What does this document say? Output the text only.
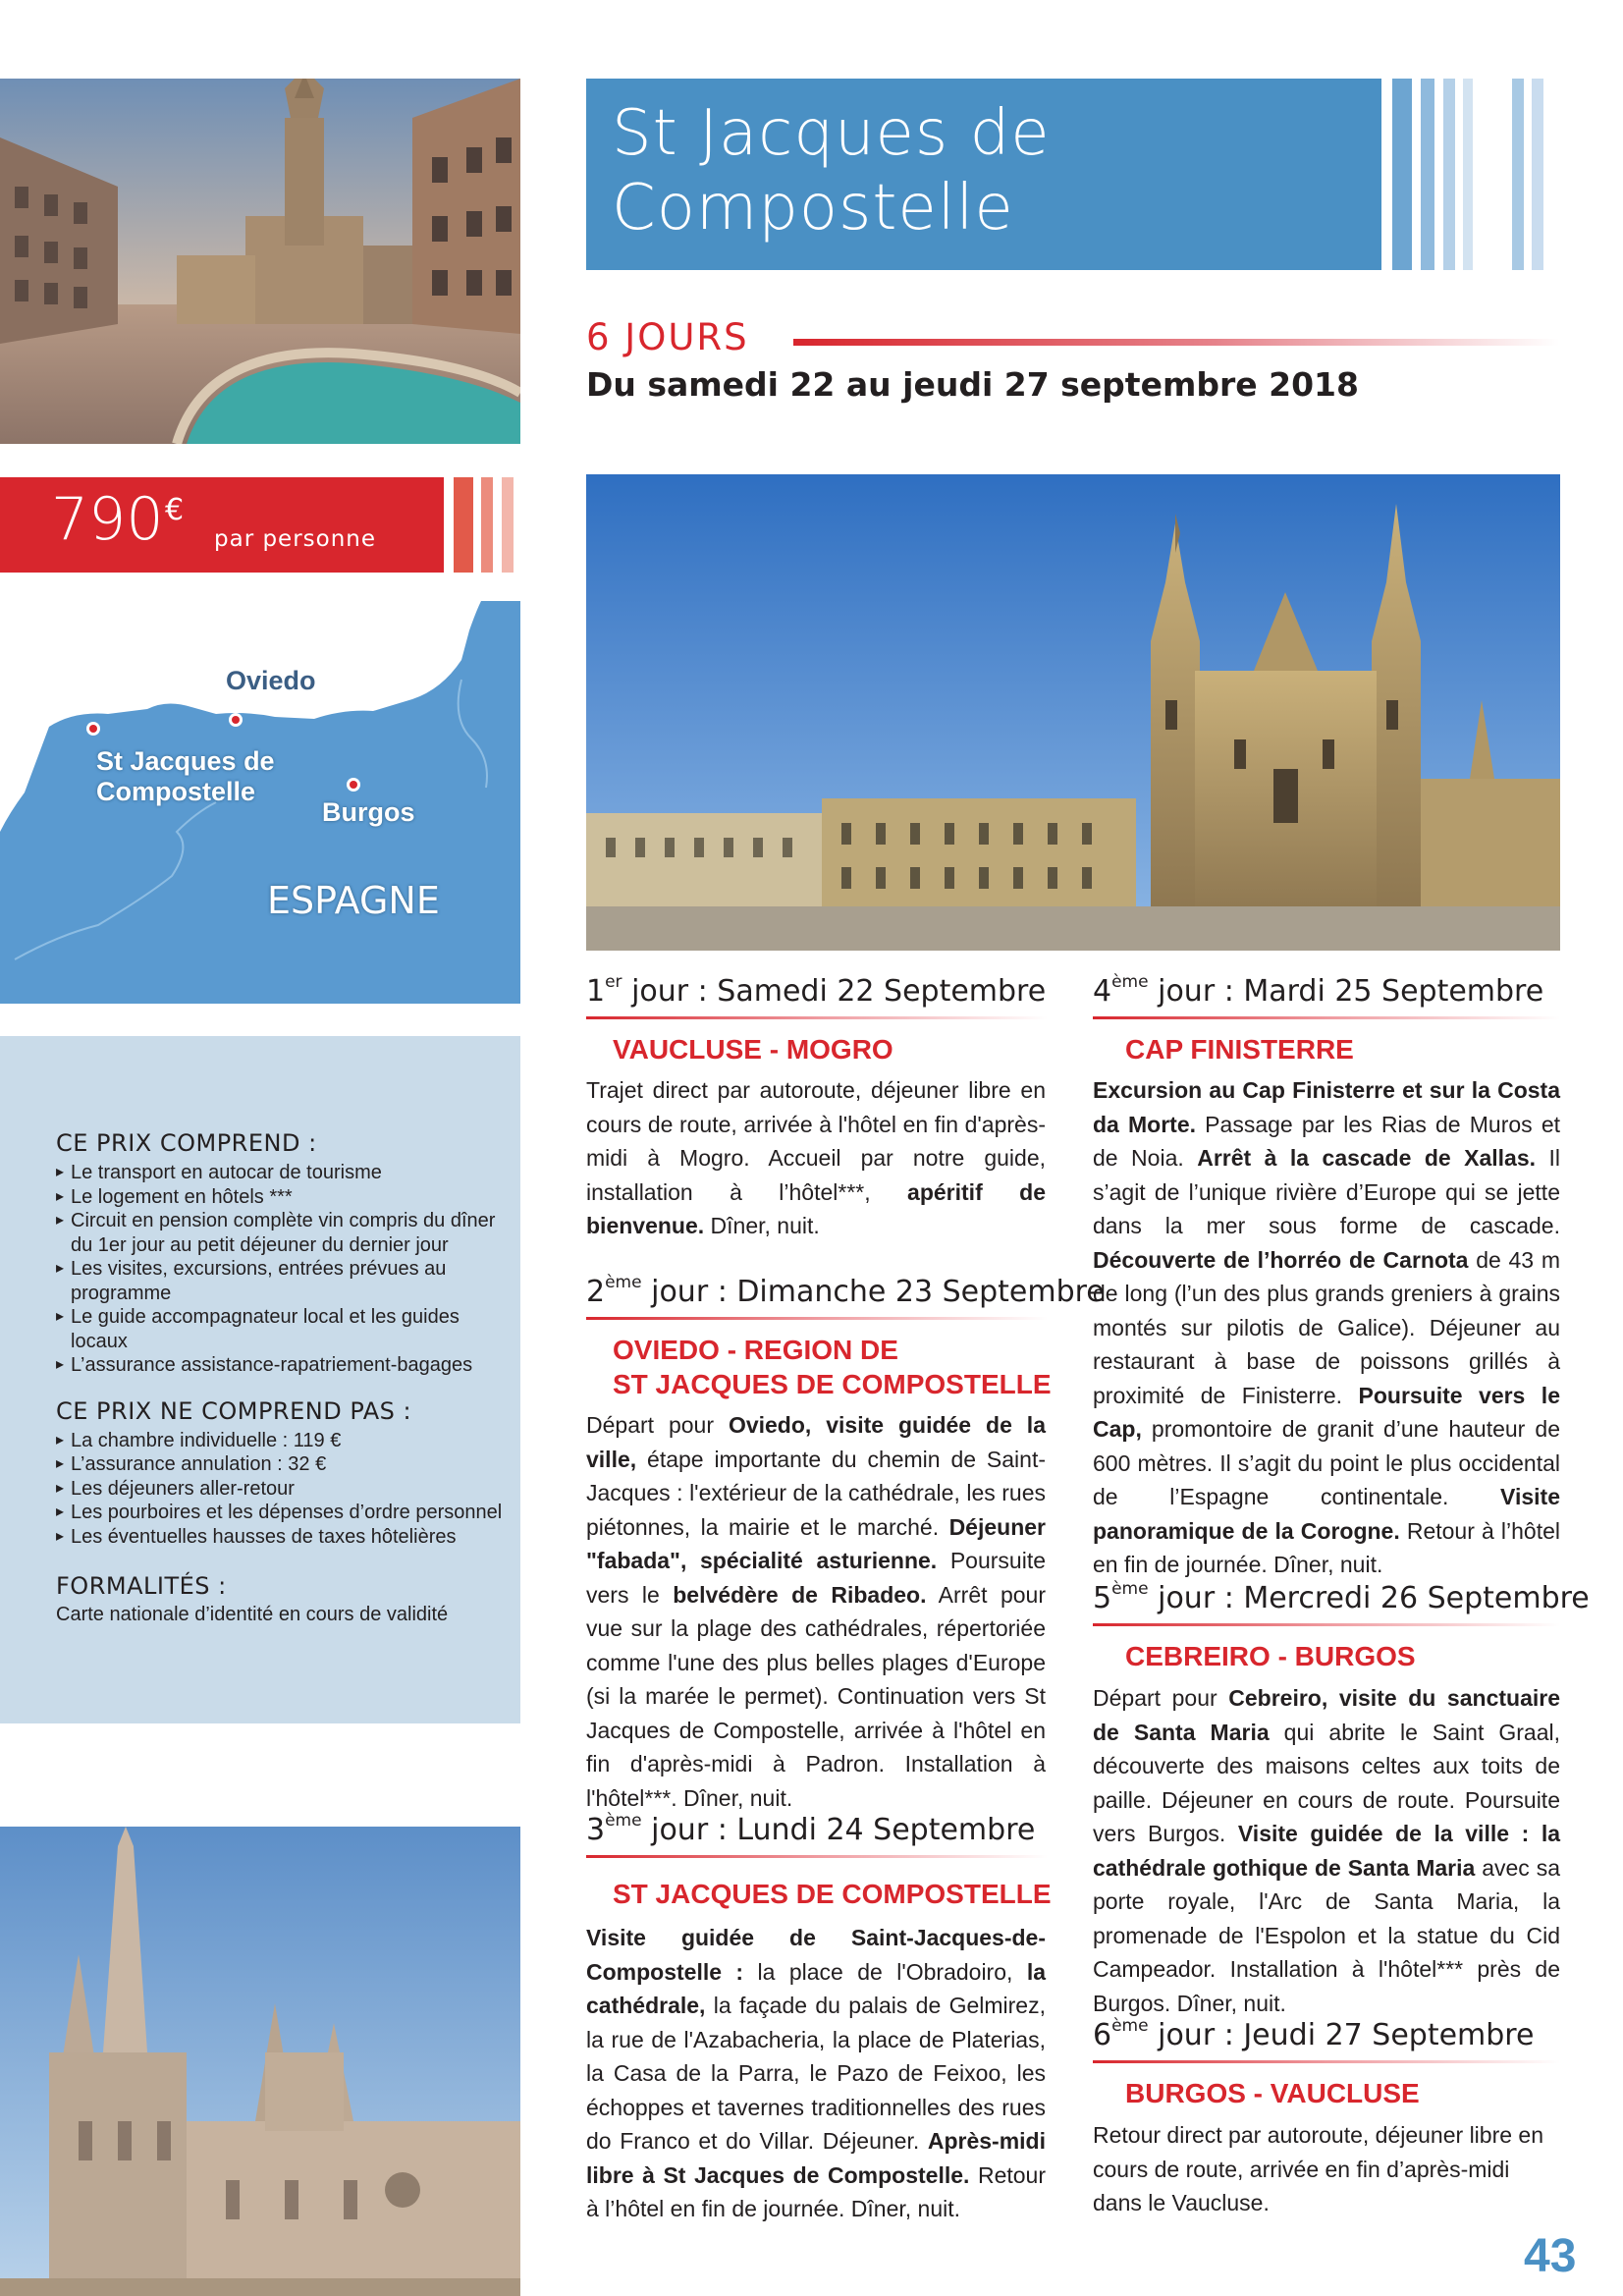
St Jacques de
Compostelle
6 JOURS
Du samedi 22 au jeudi 27 septembre 2018
790 €
par personne
Oviedo
St Jacques de
Compostelle
Burgos
ESPAGNE
CE PRIX COMPREND :
▸ Le transport en autocar de tourisme
▸ Le logement en hôtels ***
▸ Circuit en pension complète vin compris du dîner du 1er jour au petit déjeuner du dernier jour
▸ Les visites, excursions, entrées prévues au programme
▸ Le guide accompagnateur local et les guides locaux
▸ L’assurance assistance-rapatriement-bagages
CE PRIX NE COMPREND PAS :
▸ La chambre individuelle : 119 €
▸ L’assurance annulation : 32 €
▸ Les déjeuners aller-retour
▸ Les pourboires et les dépenses d’ordre personnel
▸ Les éventuelles hausses de taxes hôtelières
FORMALITÉS :
Carte nationale d’identité en cours de validité
1er jour : Samedi 22 Septembre
VAUCLUSE - MOGRO
Trajet direct par autoroute, déjeuner libre en cours de route, arrivée à l'hôtel en fin d'après-midi à Mogro. Accueil par notre guide, installation à l’hôtel***, apéritif de bienvenue. Dîner, nuit.
2ème jour : Dimanche 23 Septembre
OVIEDO - REGION DE
ST JACQUES DE COMPOSTELLE
Départ pour Oviedo, visite guidée de la ville, étape importante du chemin de Saint-Jacques : l'extérieur de la cathédrale, les rues piétonnes, la mairie et le marché. Déjeuner "fabada", spécialité asturienne. Poursuite vers le belvédère de Ribadeo. Arrêt pour vue sur la plage des cathédrales, répertoriée comme l'une des plus belles plages d'Europe (si la marée le permet). Continuation vers St Jacques de Compostelle, arrivée à l'hôtel en fin d'après-midi à Padron. Installation à l'hôtel***. Dîner, nuit.
3ème jour : Lundi 24 Septembre
ST JACQUES DE COMPOSTELLE
Visite guidée de Saint-Jacques-de-Compostelle : la place de l'Obradoiro, la cathédrale, la façade du palais de Gelmirez, la rue de l'Azabacheria, la place de Platerias, la Casa de la Parra, le Pazo de Feixoo, les échoppes et tavernes traditionnelles des rues do Franco et do Villar. Déjeuner. Après-midi libre à St Jacques de Compostelle. Retour à l’hôtel en fin de journée. Dîner, nuit.
4ème jour : Mardi 25 Septembre
CAP FINISTERRE
Excursion au Cap Finisterre et sur la Costa da Morte. Passage par les Rias de Muros et de Noia. Arrêt à la cascade de Xallas. Il s’agit de l’unique rivière d’Europe qui se jette dans la mer sous forme de cascade. Découverte de l’horréo de Carnota de 43 m de long (l’un des plus grands greniers à grains montés sur pilotis de Galice). Déjeuner au restaurant à base de poissons grillés à proximité de Finisterre. Poursuite vers le Cap, promontoire de granit d’une hauteur de 600 mètres. Il s’agit du point le plus occidental de l’Espagne continentale. Visite panoramique de la Corogne. Retour à l’hôtel en fin de journée. Dîner, nuit.
5ème jour : Mercredi 26 Septembre
CEBREIRO - BURGOS
Départ pour Cebreiro, visite du sanctuaire de Santa Maria qui abrite le Saint Graal, découverte des maisons celtes aux toits de paille. Déjeuner en cours de route. Poursuite vers Burgos. Visite guidée de la ville : la cathédrale gothique de Santa Maria avec sa porte royale, l'Arc de Santa Maria, la promenade de l'Espolon et la statue du Cid Campeador. Installation à l'hôtel*** près de Burgos. Dîner, nuit.
6ème jour : Jeudi 27 Septembre
BURGOS - VAUCLUSE
Retour direct par autoroute, déjeuner libre en cours de route, arrivée en fin d’après-midi dans le Vaucluse.
43
